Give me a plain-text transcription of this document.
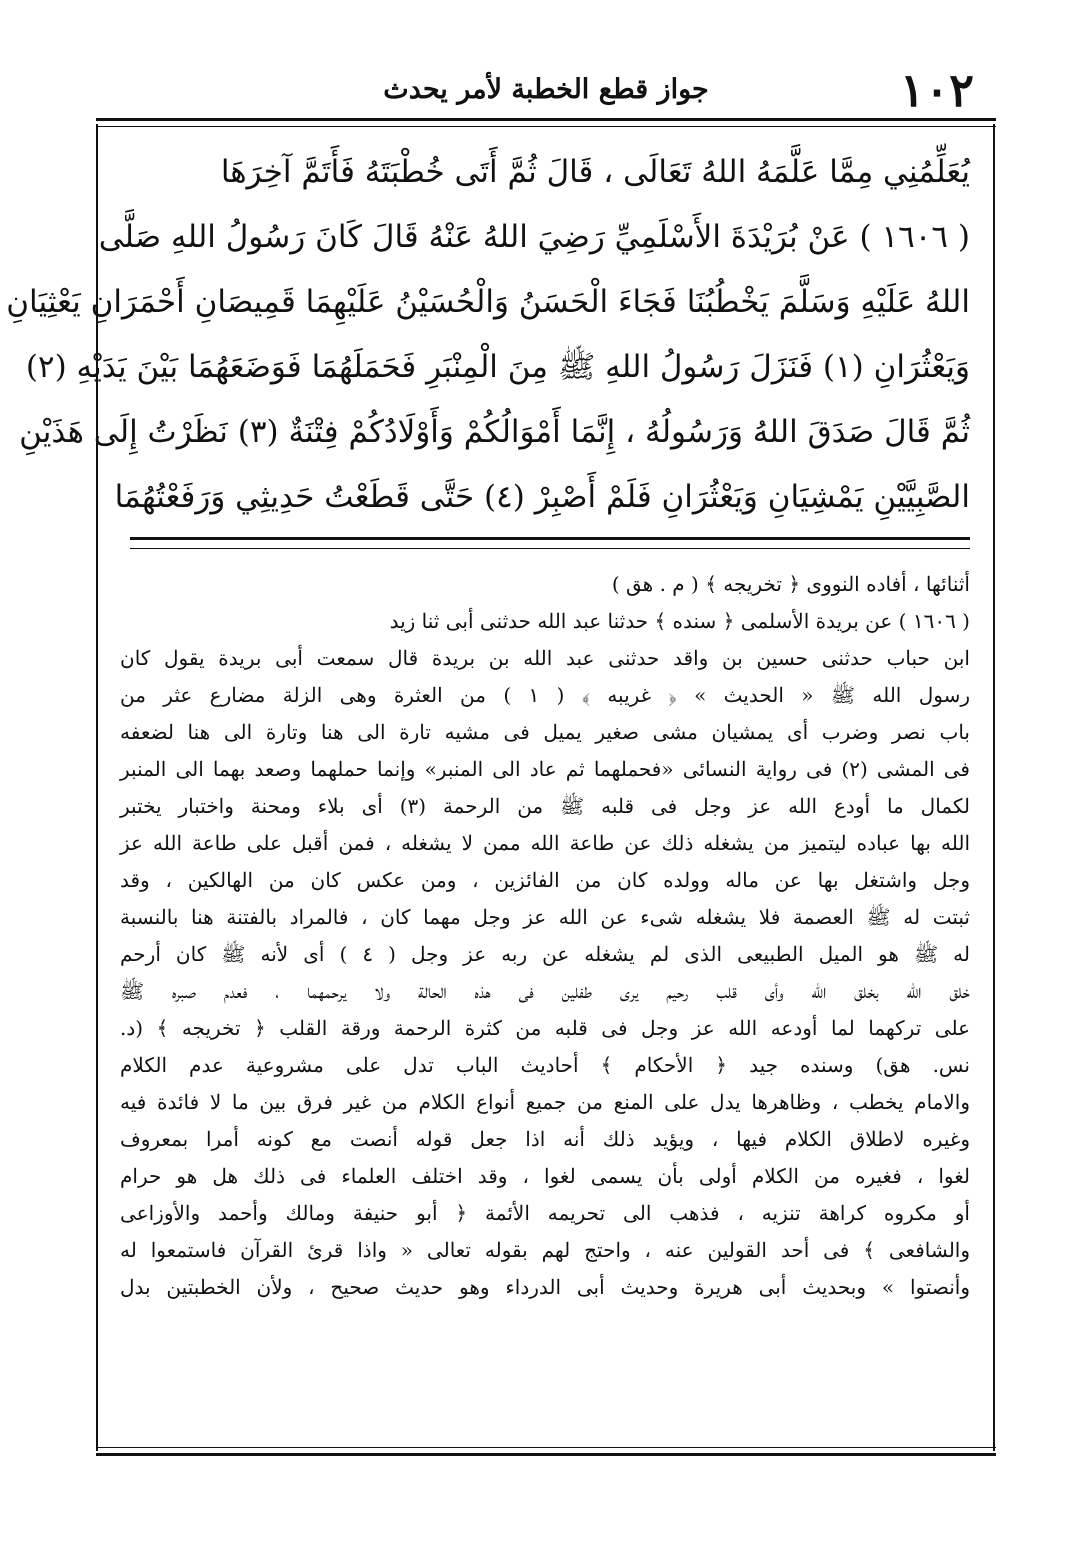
١٠٢
جواز قطع الخطبة لأمر يحدث
يُعَلِّمُنِي مِمَّا عَلَّمَهُ اللهُ تَعَالَى ، قَالَ ثُمَّ أَتَى خُطْبَتَهُ فَأَتَمَّ آخِرَهَا
( ١٦٠٦ ) عَنْ بُرَيْدَةَ الأَسْلَمِيِّ رَضِيَ اللهُ عَنْهُ قَالَ كَانَ رَسُولُ اللهِ صَلَّى
اللهُ عَلَيْهِ وَسَلَّمَ يَخْطُبُنَا فَجَاءَ الْحَسَنُ وَالْحُسَيْنُ عَلَيْهِمَا قَمِيصَانِ أَحْمَرَانِ يَعْثِيَانِ
وَيَعْثُرَانِ (١) فَنَزَلَ رَسُولُ اللهِ ﷺ مِنَ الْمِنْبَرِ فَحَمَلَهُمَا فَوَضَعَهُمَا بَيْنَ يَدَيْهِ (٢)
ثُمَّ قَالَ صَدَقَ اللهُ وَرَسُولُهُ ، إِنَّمَا أَمْوَالُكُمْ وَأَوْلَادُكُمْ فِتْنَةٌ (٣) نَظَرْتُ إِلَى هَذَيْنِ
الصَّبِيَّيْنِ يَمْشِيَانِ وَيَعْثُرَانِ فَلَمْ أَصْبِرْ (٤) حَتَّى قَطَعْتُ حَدِيثِي وَرَفَعْتُهُمَا
أثنائها ، أفاده النووى ﴿ تخريجه ﴾ ( م . هق )
( ١٦٠٦ ) عن بريدة الأسلمى ﴿ سنده ﴾ حدثنا عبد الله حدثنى أبى ثنا زيد
ابن حباب حدثنى حسين بن واقد حدثنى عبد الله بن بريدة قال سمعت أبى بريدة يقول كان
رسول الله ﷺ « الحديث » ﴿ غريبه ﴾ ( ١ ) من العثرة وهى الزلة مضارع عثر من
باب نصر وضرب أى يمشيان مشى صغير يميل فى مشيه تارة الى هنا وتارة الى هنا لضعفه
فى المشى (٢) فى رواية النسائى «فحملهما ثم عاد الى المنبر» وإنما حملهما وصعد بهما الى المنبر
لكمال ما أودع الله عز وجل فى قلبه ﷺ من الرحمة (٣) أى بلاء ومحنة واختبار يختبر
الله بها عباده ليتميز من يشغله ذلك عن طاعة الله ممن لا يشغله ، فمن أقبل على طاعة الله عز
وجل واشتغل بها عن ماله وولده كان من الفائزين ، ومن عكس كان من الهالكين ، وقد
ثبتت له ﷺ العصمة فلا يشغله شىء عن الله عز وجل مهما كان ، فالمراد بالفتنة هنا بالنسبة
له ﷺ هو الميل الطبيعى الذى لم يشغله عن ربه عز وجل ( ٤ ) أى لأنه ﷺ كان أرحم
خلق الله بخلق الله وأى قلب رحيم يرى طفلين فى هذه الحالة ولا يرحمهما ، فعدم صبره ﷺ
على تركهما لما أودعه الله عز وجل فى قلبه من كثرة الرحمة ورقة القلب ﴿ تخريجه ﴾ (د.
نس. هق) وسنده جيد ﴿ الأحكام ﴾ أحاديث الباب تدل على مشروعية عدم الكلام
والامام يخطب ، وظاهرها يدل على المنع من جميع أنواع الكلام من غير فرق بين ما لا فائدة فيه
وغيره لاطلاق الكلام فيها ، ويؤيد ذلك أنه اذا جعل قوله أنصت مع كونه أمرا بمعروف
لغوا ، فغيره من الكلام أولى بأن يسمى لغوا ، وقد اختلف العلماء فى ذلك هل هو حرام
أو مكروه كراهة تنزيه ، فذهب الى تحريمه الأئمة ﴿ أبو حنيفة ومالك وأحمد والأوزاعى
والشافعى ﴾ فى أحد القولين عنه ، واحتج لهم بقوله تعالى « واذا قرئ القرآن فاستمعوا له
وأنصتوا » وبحديث أبى هريرة وحديث أبى الدرداء وهو حديث صحيح ، ولأن الخطبتين بدل
